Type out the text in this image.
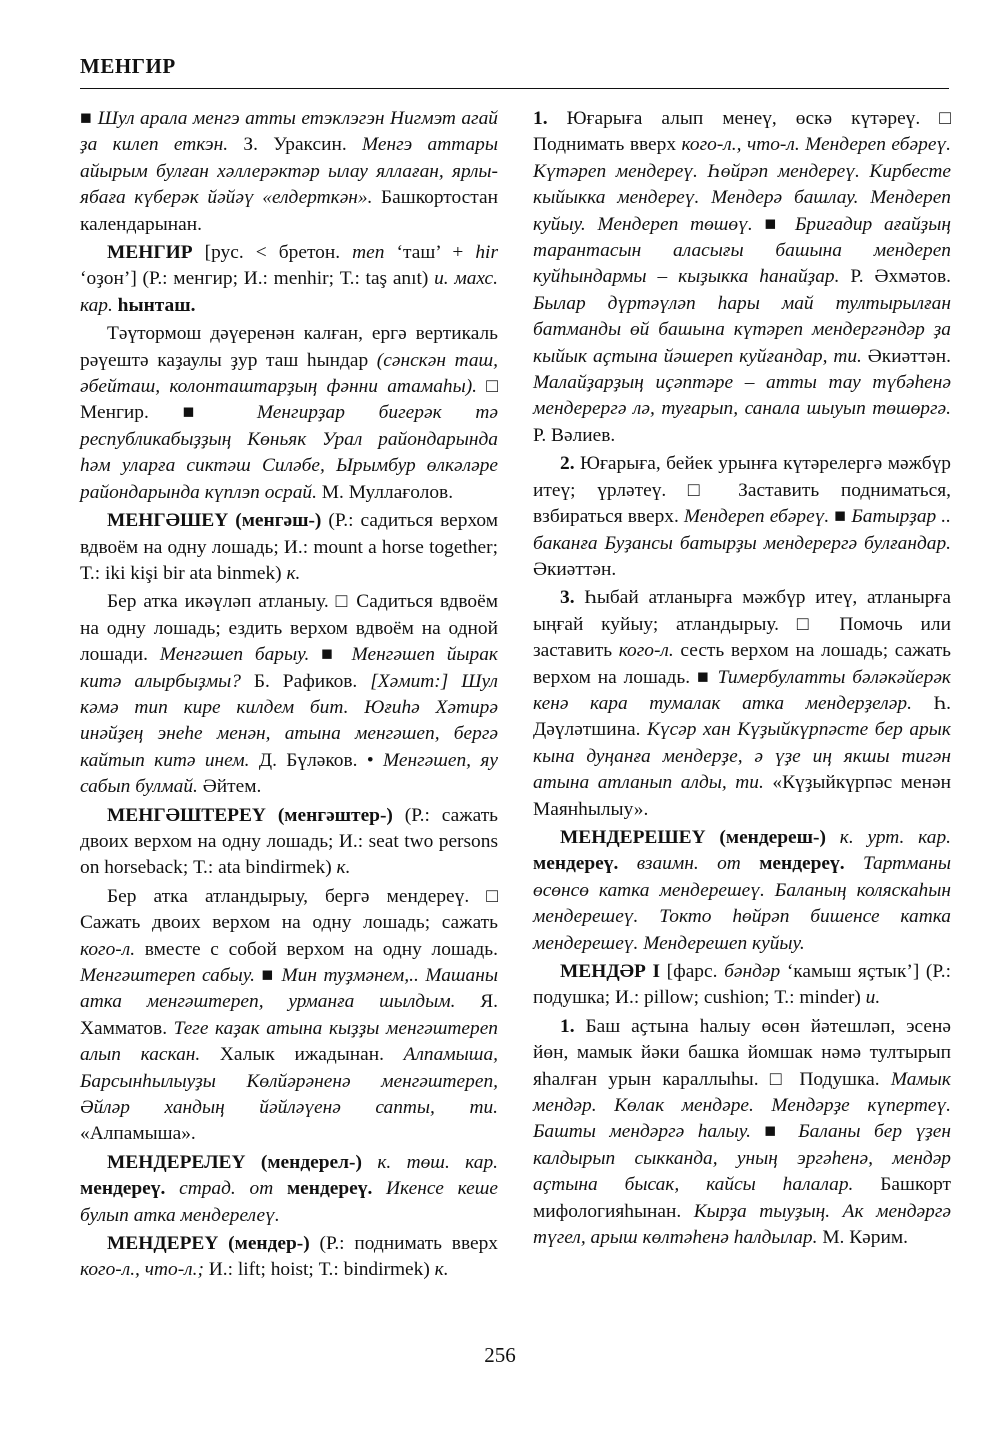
МЕНГИР

■ Шул арала менгэ атты етэклэгэн Нигмэт агай ҙа килеп еткэн. З. Ураксин. Менгэ аттары айырым булған хәллерәктәр ылау яллаған, ярлы-ябаға күберәк йәйәү «елдерткән». Башкортостан календарынан.

МЕНГИР [рус. < бретон. men ‘таш’ + hir ‘оҙон’] (Р.: менгир; И.: menhir; Т.: taş anıt) и. махс. кар. һынташ.

Тәүтормош дәүеренән калған, ергә вертикаль рәүештә каҙаулы ҙур таш һындар (сәнскән таш, әбейташ, колонташтарҙың фәнни атамаһы). □ Менгир. ■ Менгирҙар бигерәк тә республикабыҙҙың Көньяк Урал райондарында һәм уларға сиктәш Силәбе, Ырымбур өлкәләре райондарында күплэп осрай. М. Муллағолов.

МЕНГӘШЕҮ (менгәш-) (Р.: садиться верхом вдвоём на одну лошадь; И.: mount a horse together; Т.: iki kişi bir ata binmek) к.

Бер атка икәүләп атланыу. □ Садиться вдвоём на одну лошадь; ездить верхом вдвоём на одной лошади. Менгәшеп барыу. ■ Менгәшеп йырак китә алырбыҙмы? Б. Рафиков. [Хәмит:] Шул кәмә тип кире килдем бит. Юғиһә Хәтирә инәйҙең энеһе менән, атына менгәшеп, бергә кайтып китә инем. Д. Бүләков. • Менгәшеп, яу сабып булмай. Әйтем.

МЕНГӘШТЕРЕҮ (менгәштер-) (Р.: сажать двоих верхом на одну лошадь; И.: seat two persons on horseback; Т.: ata bindirmek) к.

Бер атка атландырыу, бергә мендереү. □ Сажать двоих верхом на одну лошадь; сажать кого-л. вместе с собой верхом на одну лошадь. Менгәштереп сабыу. ■ Мин туҙмәнем,.. Машаны атка менгәштереп, урманға шылдым. Я. Хамматов. Теге каҙак атына кыҙҙы менгәштереп алып каскан. Халык ижадынан. Алпамыша, Барсынһылыуҙы Көлйәрәненә менгәштереп, Әйләр хандың йәйләүенә сапты, ти. «Алпамыша».

МЕНДЕРЕЛЕҮ (мендерел-) к. төш. кар. мендереү. страд. от мендереү. Икенсе кеше булып атка мендерелеү.

МЕНДЕРЕҮ (мендер-) (Р.: поднимать вверх кого-л., что-л.; И.: lift; hoist; Т.: bindirmek) к.

1. Юғарыға алып менеү, өскә күтәреү. □ Поднимать вверх кого-л., что-л. Мендереп ебәреү. Күтәреп мендереү. Һөйрәп мендереү. Кирбесте кыйыкка мендереү. Мендерә башлау. Мендереп куйыу. Мендереп төшөү. ■ Бригадир ағайҙың тарантасын аласығы башына мендереп куйһындармы – кыҙыкка һанайҙар. Р. Әхмәтов. Былар дүртәүләп һары май тултырылған батманды өй башына күтәреп мендергәндәр ҙа кыйык аҫтына йәшереп куйғандар, ти. Әкиәттән. Малайҙарҙың иҫәптәре – атты тау түбәһенә мендерергә лә, туғарып, санала шыуып төшөргә. Р. Вәлиев.

2. Юғарыға, бейек урынға күтәрелергә мәжбүр итеү; үрләтеү. □ Заставить подниматься, взбираться вверх. Мендереп ебәреү. ■ Батырҙар .. баканға Буҙансы батырҙы мендерергә булғандар. Әкиәттән.

3. Һыбай атланырға мәжбүр итеү, атланырға ыңғай куйыу; атландырыу. □ Помочь или заставить кого-л. сесть верхом на лошадь; сажать верхом на лошадь. ■ Тимербулатты бәләкәйерәк кенә кара тумалак атка мендерҙеләр. Һ. Дәүләтшина. Күсәр хан Күҙыйкүрпәсте бер арык кына дуңанға мендерҙе, ә үҙе иң якшы тигән атына атланып алды, ти. «Күҙыйкүрпәс менән Маянһылыу».

МЕНДЕРЕШЕҮ (мендереш-) к. урт. кар. мендереү. взаимн. от мендереү. Тартманы өсөнсө катка мендерешеү. Баланың коляскаһын мендерешеү. Токто һөйрәп бишенсе катка мендерешеү. Мендерешеп куйыу.

МЕНДӘР I [фарс. бәндәр ‘камыш яҫтык’] (Р.: подушка; И.: pillow; cushion; Т.: minder) и.

1. Баш аҫтына һалыу өсөн йәтешләп, эсенә йөн, мамык йәки башка йомшак нәмә тултырып яһалған урын караллыһы. □ Подушка. Мамык мендәр. Көлак мендәре. Мендәрҙе күпертеү. Башты мендәргә һалыу. ■ Баланы бер үҙен калдырып сыкканда, уның эргәһенә, мендәр аҫтына бысак, кайсы һалалар. Башкорт мифологияһынан. Кырҙа тыуҙың. Ак мендәргә түгел, арыш көлтәһенә һалдылар. М. Кәрим.

256
